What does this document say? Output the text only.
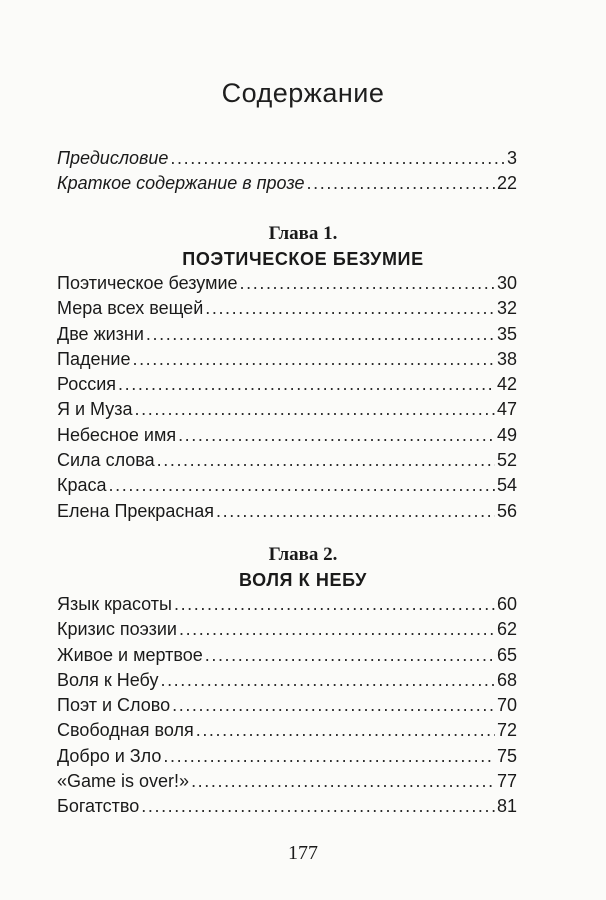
Содержание
Предисловие .....	3
Краткое содержание в прозе .....	22
Глава 1.
ПОЭТИЧЕСКОЕ БЕЗУМИЕ
Поэтическое безумие .....	30
Мера всех вещей .....	32
Две жизни .....	35
Падение .....	38
Россия .....	42
Я и Муза .....	47
Небесное имя .....	49
Сила слова .....	52
Краса .....	54
Елена Прекрасная .....	56
Глава 2.
ВОЛЯ К НЕБУ
Язык красоты .....	60
Кризис поэзии .....	62
Живое и мертвое .....	65
Воля к Небу .....	68
Поэт и Слово .....	70
Свободная воля .....	72
Добро и Зло .....	75
«Game is over!» .....	77
Богатство .....	81
177
